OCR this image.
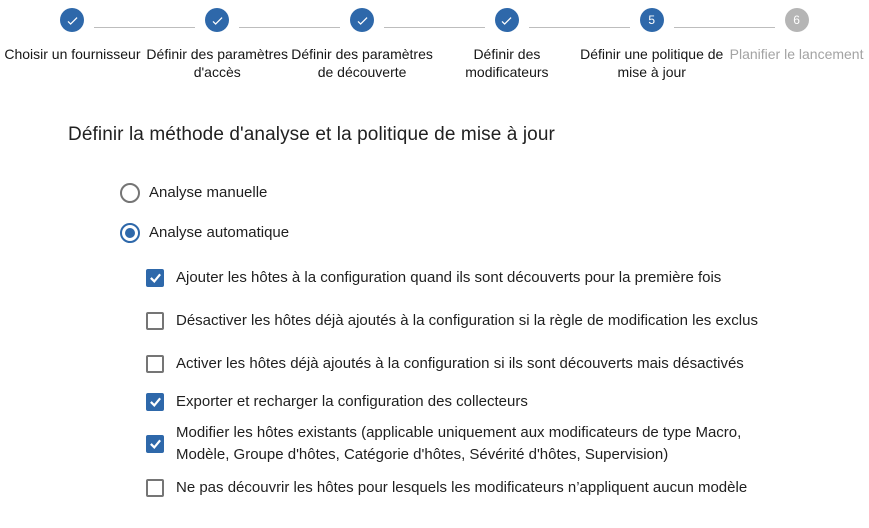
Choisir un fournisseur Définir des paramètres d'accès
Définir des paramètres de découverte
Définir des modificateurs
5
Définir une politique de mise à jour
6
Planifier le lancement
Définir la méthode d'analyse et la politique de mise à jour
Analyse manuelle
Analyse automatique
Ajouter les hôtes à la configuration quand ils sont découverts pour la première fois
Désactiver les hôtes déjà ajoutés à la configuration si la règle de modification les exclus
Activer les hôtes déjà ajoutés à la configuration si ils sont découverts mais désactivés
Exporter et recharger la configuration des collecteurs
Modifier les hôtes existants (applicable uniquement aux modificateurs de type Macro, Modèle, Groupe d'hôtes, Catégorie d'hôtes, Sévérité d'hôtes, Supervision)
Ne pas découvrir les hôtes pour lesquels les modificateurs n’appliquent aucun modèle
